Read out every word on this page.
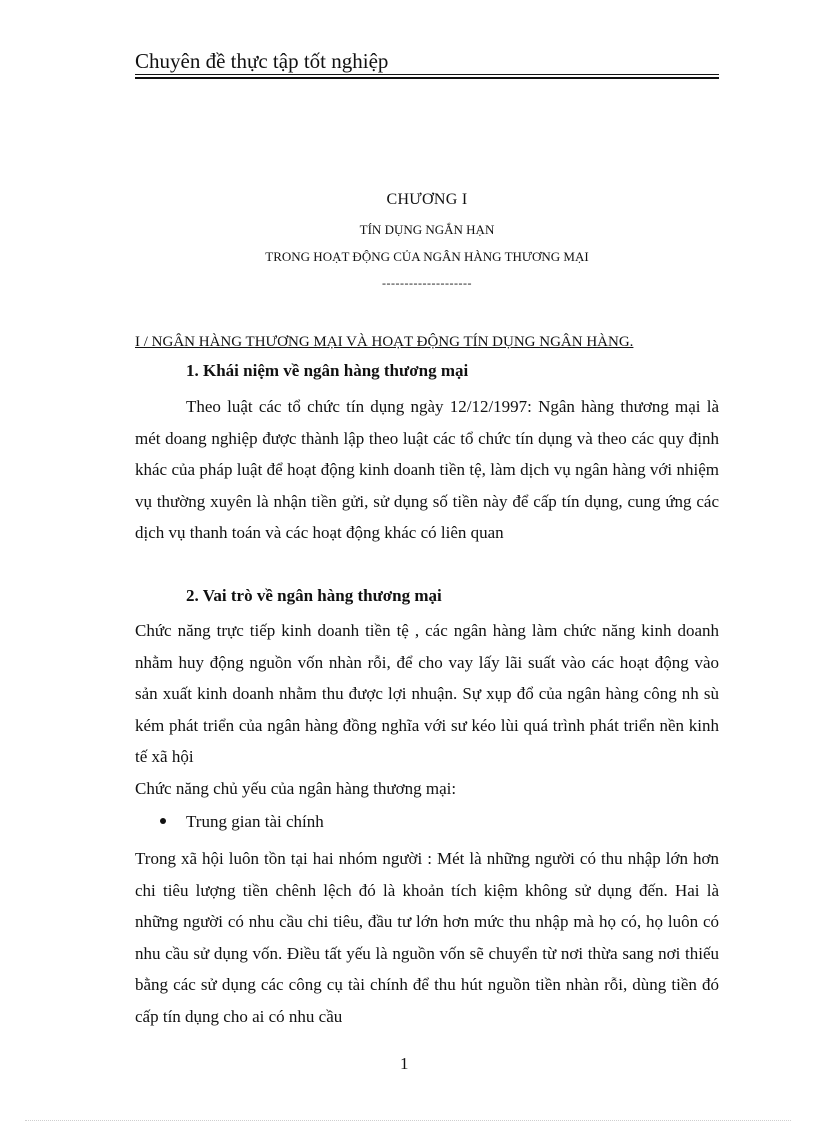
Chuyên đề thực tập tốt nghiệp
CHƯƠNG I
TÍN DỤNG NGẮN HẠN
TRONG HOẠT ĐỘNG CỦA NGÂN HÀNG THƯƠNG MẠI
--------------------
I / NGÂN HÀNG THƯƠNG MẠI VÀ HOẠT ĐỘNG TÍN DỤNG NGÂN HÀNG.
1. Khái niệm về ngân hàng thương mại

Theo luật các tổ chức tín dụng ngày 12/12/1997: Ngân hàng thương mại là mét doang nghiệp được thành lập theo luật các tổ chức tín dụng và theo các quy định khác của pháp luật để hoạt động kinh doanh tiền tệ, làm dịch vụ ngân hàng với nhiệm vụ thường xuyên là nhận tiền gửi, sử dụng số tiền này để cấp tín dụng, cung ứng các dịch vụ thanh toán và các hoạt động khác có liên quan

2. Vai trò về ngân hàng thương mại

Chức năng trực tiếp kinh doanh tiền tệ , các ngân hàng làm chức năng kinh doanh nhằm huy động nguồn vốn nhàn rỗi, để cho vay lấy lãi suất vào các hoạt động vào sản xuất kinh doanh nhằm thu được lợi nhuận. Sự xụp đổ của ngân hàng công nh sù kém phát triển của ngân hàng đồng nghĩa với sư kéo lùi quá trình phát triển nền kinh tế xã hội

Chức năng chủ yếu của ngân hàng thương mại:

Trung gian tài chính

Trong xã hội luôn tồn tại hai nhóm người : Mét là những người có thu nhập lớn hơn chi tiêu lượng tiền chênh lệch đó là khoản tích kiệm không sử dụng đến. Hai là những người có nhu cầu chi tiêu, đầu tư lớn hơn mức thu nhập mà họ có, họ luôn có nhu cầu sử dụng vốn. Điều tất yếu là nguồn vốn sẽ chuyển từ nơi thừa sang nơi thiếu bằng các sử dụng các công cụ tài chính để thu hút nguồn tiền nhàn rỗi, dùng tiền đó cấp tín dụng cho ai có nhu cầu

1
